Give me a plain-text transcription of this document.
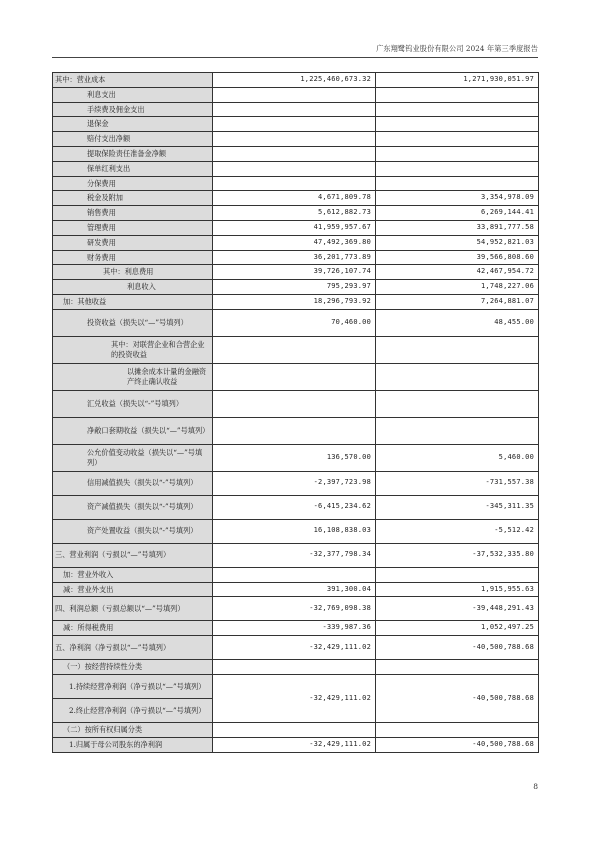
广东翔鹭钨业股份有限公司 2024 年第三季度报告
其中：营业成本	1,225,460,673.32	1,271,930,051.97
利息支出		
手续费及佣金支出		
退保金		
赔付支出净额		
提取保险责任准备金净额		
保单红利支出		
分保费用		
税金及附加	4,671,809.78	3,354,978.09
销售费用	5,612,882.73	6,269,144.41
管理费用	41,959,957.67	33,891,777.58
研发费用	47,492,369.80	54,952,821.03
财务费用	36,201,773.89	39,566,808.60
其中：利息费用	39,726,107.74	42,467,954.72
利息收入	795,293.97	1,748,227.06
加：其他收益	18,296,793.92	7,264,881.07
投资收益（损失以“—”号填列）	70,460.00	48,455.00
其中：对联营企业和合营企业的投资收益		
以摊余成本计量的金融资产终止确认收益		
汇兑收益（损失以“-”号填列）		
净敞口套期收益（损失以“—”号填列）		
公允价值变动收益（损失以“—”号填列）	136,570.00	5,460.00
信用减值损失（损失以“-”号填列）	-2,397,723.98	-731,557.38
资产减值损失（损失以“-”号填列）	-6,415,234.62	-345,311.35
资产处置收益（损失以“-”号填列）	16,108,838.03	-5,512.42
三、营业利润（亏损以“—”号填列）	-32,377,798.34	-37,532,335.80
加：营业外收入		
减：营业外支出	391,300.04	1,915,955.63
四、利润总额（亏损总额以“—”号填列）	-32,769,098.38	-39,448,291.43
减：所得税费用	-339,987.36	1,052,497.25
五、净利润（净亏损以“—”号填列）	-32,429,111.02	-40,500,788.68
（一）按经营持续性分类		
1.持续经营净利润（净亏损以“—”号填列）	-32,429,111.02	-40,500,788.68
2.终止经营净利润（净亏损以“—”号填列）		
（二）按所有权归属分类		
1.归属于母公司股东的净利润	-32,429,111.02	-40,500,788.68
8
